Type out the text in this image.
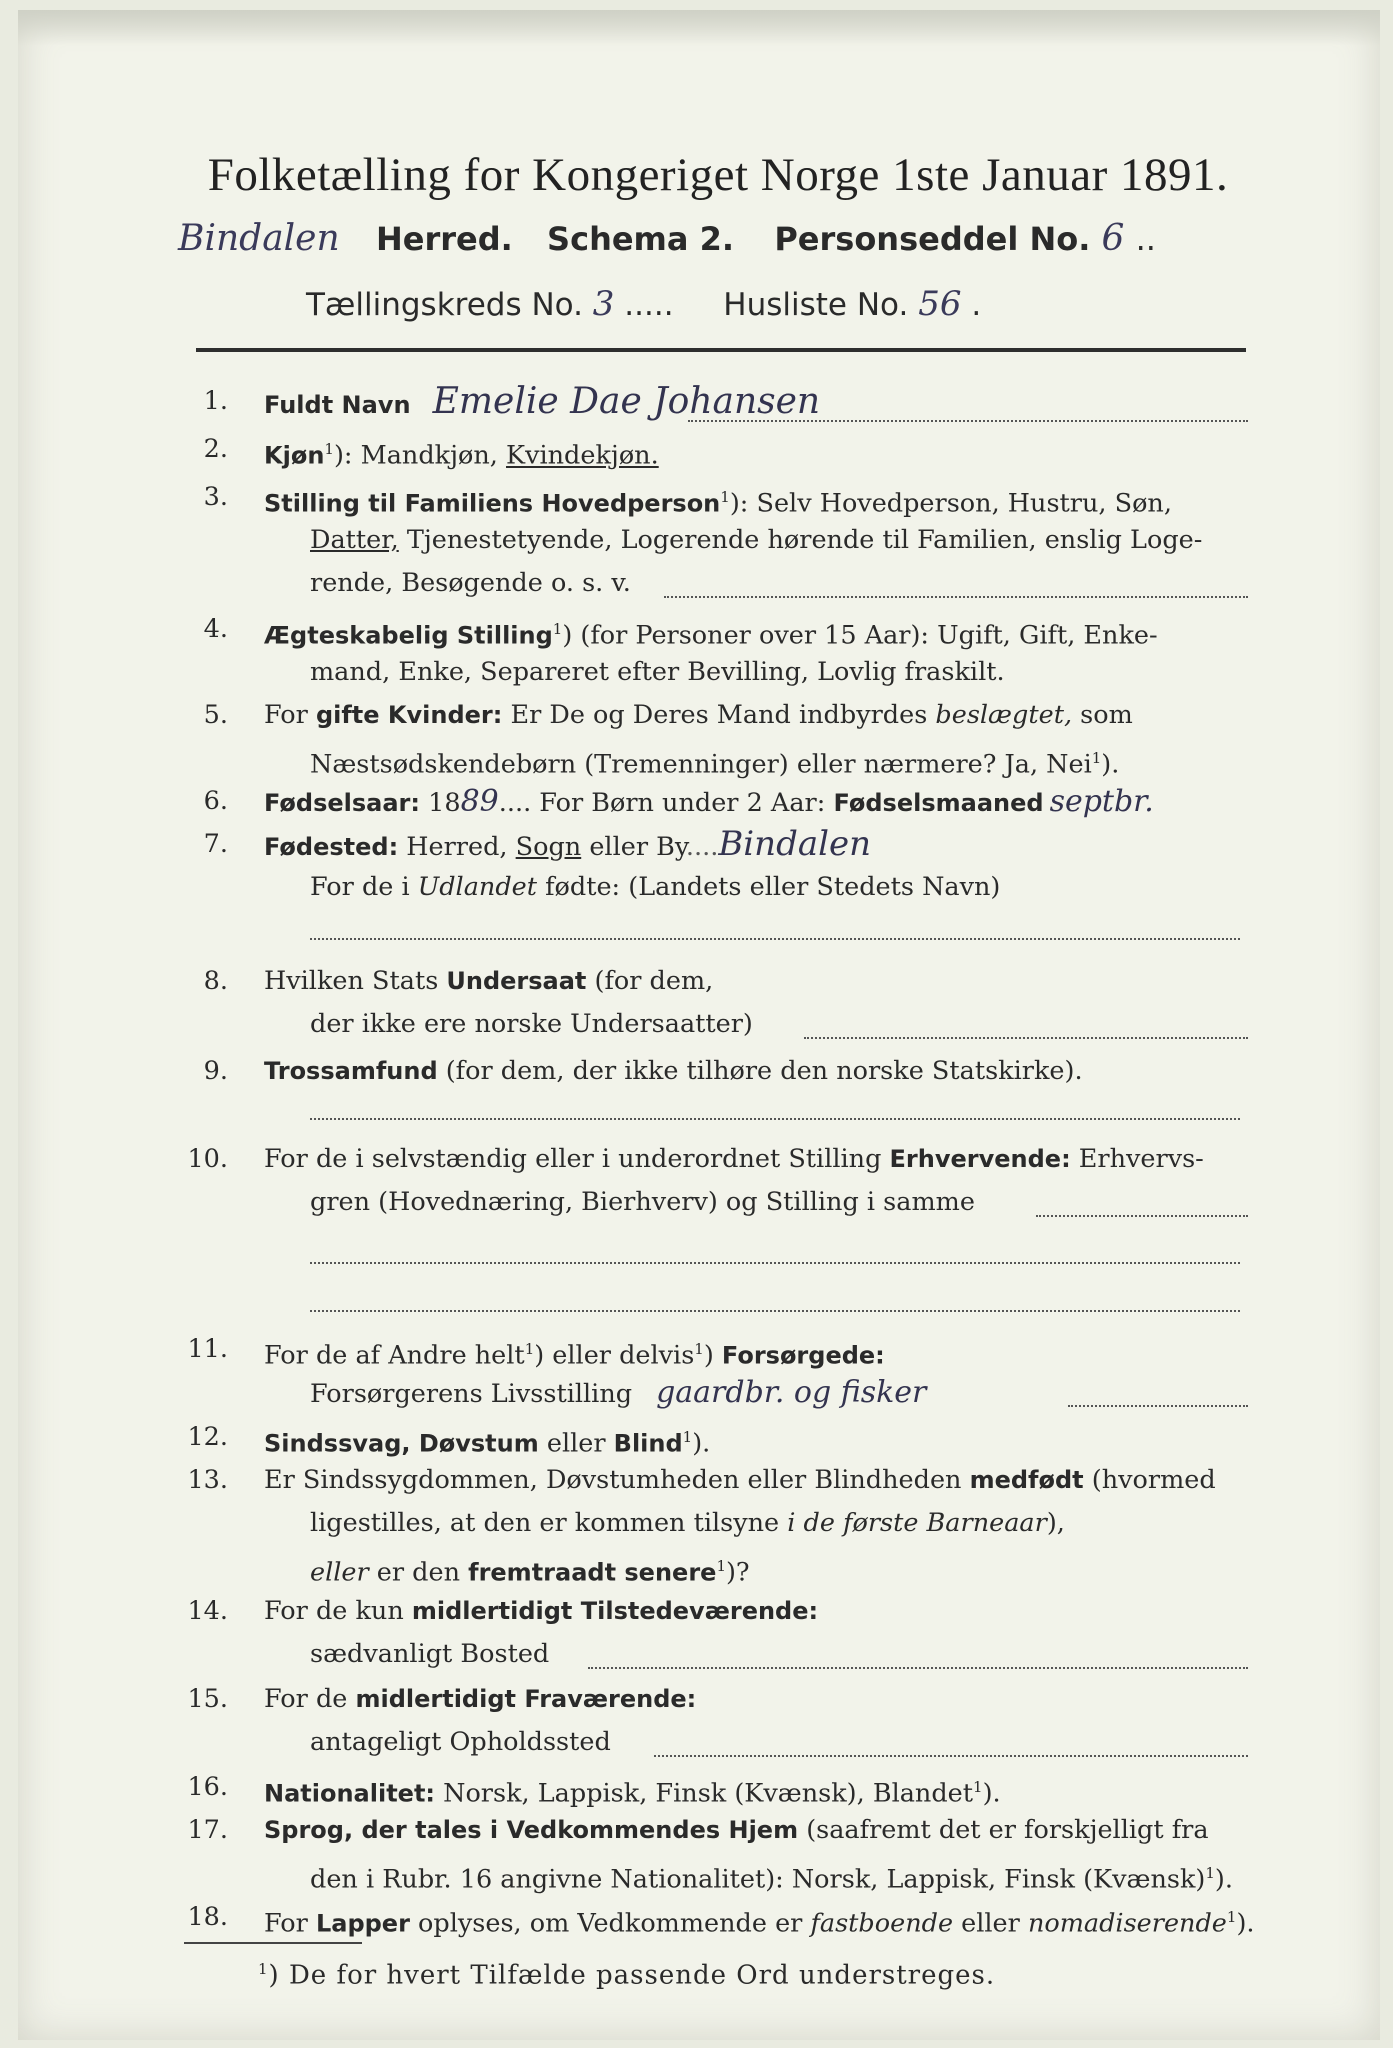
Folketælling for Kongeriget Norge 1ste Januar 1891.
Bindalen Herred. Schema 2. Personseddel No. 6 ..
Tællingskreds No. 3 ..... Husliste No. 56 .
1. Fuldt Navn Emelie Dae Johansen
2. Kjøn$^1$): Mandkjøn, Kvindekjøn.
3. Stilling til Familiens Hovedperson$^1$): Selv Hovedperson, Hustru, Søn,
Datter, Tjenestetyende, Logerende hørende til Familien, enslig Loge-
rende, Besøgende o. s. v.
4. Ægteskabelig Stilling$^1$) (for Personer over 15 Aar): Ugift, Gift, Enke-
mand, Enke, Separeret efter Bevilling, Lovlig fraskilt.
5. For gifte Kvinder: Er De og Deres Mand indbyrdes beslægtet, som
Næstsødskendebørn (Tremenninger) eller nærmere? Ja, Nei$^1$).
6. Fødselsaar: 1889.... For Børn under 2 Aar: Fødselsmaaned septbr.
7. Fødested: Herred, Sogn eller By....Bindalen
For de i Udlandet fødte: (Landets eller Stedets Navn)
8. Hvilken Stats Undersaat (for dem,
der ikke ere norske Undersaatter)
9. Trossamfund (for dem, der ikke tilhøre den norske Statskirke).
10. For de i selvstændig eller i underordnet Stilling Erhvervende: Erhvervs-
gren (Hovednæring, Bierhverv) og Stilling i samme
11. For de af Andre helt$^1$) eller delvis$^1$) Forsørgede:
Forsørgerens Livsstilling gaardbr. og fisker
12. Sindssvag, Døvstum eller Blind$^1$).
13. Er Sindssygdommen, Døvstumheden eller Blindheden medfødt (hvormed
ligestilles, at den er kommen tilsyne i de første Barneaar),
eller er den fremtraadt senere$^1$)?
14. For de kun midlertidigt Tilstedeværende:
sædvanligt Bosted
15. For de midlertidigt Fraværende:
antageligt Opholdssted
16. Nationalitet: Norsk, Lappisk, Finsk (Kvænsk), Blandet$^1$).
17. Sprog, der tales i Vedkommendes Hjem (saafremt det er forskjelligt fra
den i Rubr. 16 angivne Nationalitet): Norsk, Lappisk, Finsk (Kvænsk)$^1$).
18. For Lapper oplyses, om Vedkommende er fastboende eller nomadiserende$^1$).
$^1$) De for hvert Tilfælde passende Ord understreges.
